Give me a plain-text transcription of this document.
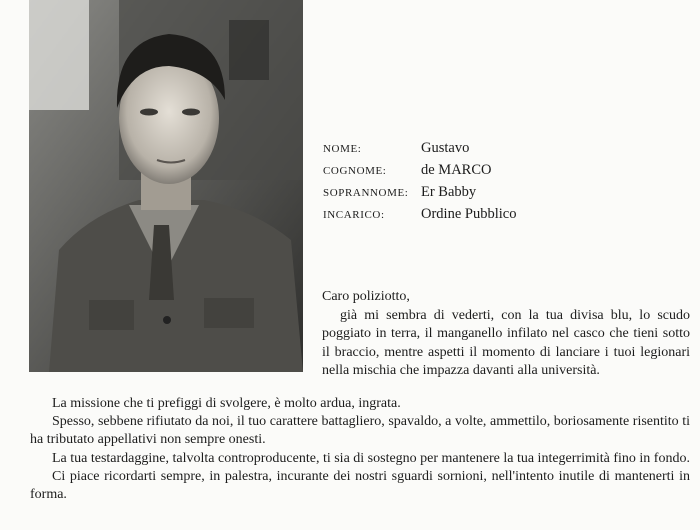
NOME:	Gustavo
COGNOME:	de MARCO
SOPRANNOME: Er Babby
INCARICO:	Ordine Pubblico
Caro poliziotto,

già mi sembra di vederti, con la tua divisa blu, lo scudo poggiato in terra, il manganello infilato nel casco che tieni sotto il braccio, mentre aspetti il momento di lanciare i tuoi legionari nella mischia che impazza davanti alla università.

La missione che ti prefiggi di svolgere, è molto ardua, ingrata.

Spesso, sebbene rifiutato da noi, il tuo carattere battagliero, spavaldo, a volte, ammettilo, boriosamente risentito ti ha tributato appellativi non sempre onesti.

La tua testardaggine, talvolta controproducente, ti sia di sostegno per mantenere la tua integerrimità fino in fondo.

Ci piace ricordarti sempre, in palestra, incurante dei nostri sguardi sornioni, nell'intento inutile di mantenerti in forma.
